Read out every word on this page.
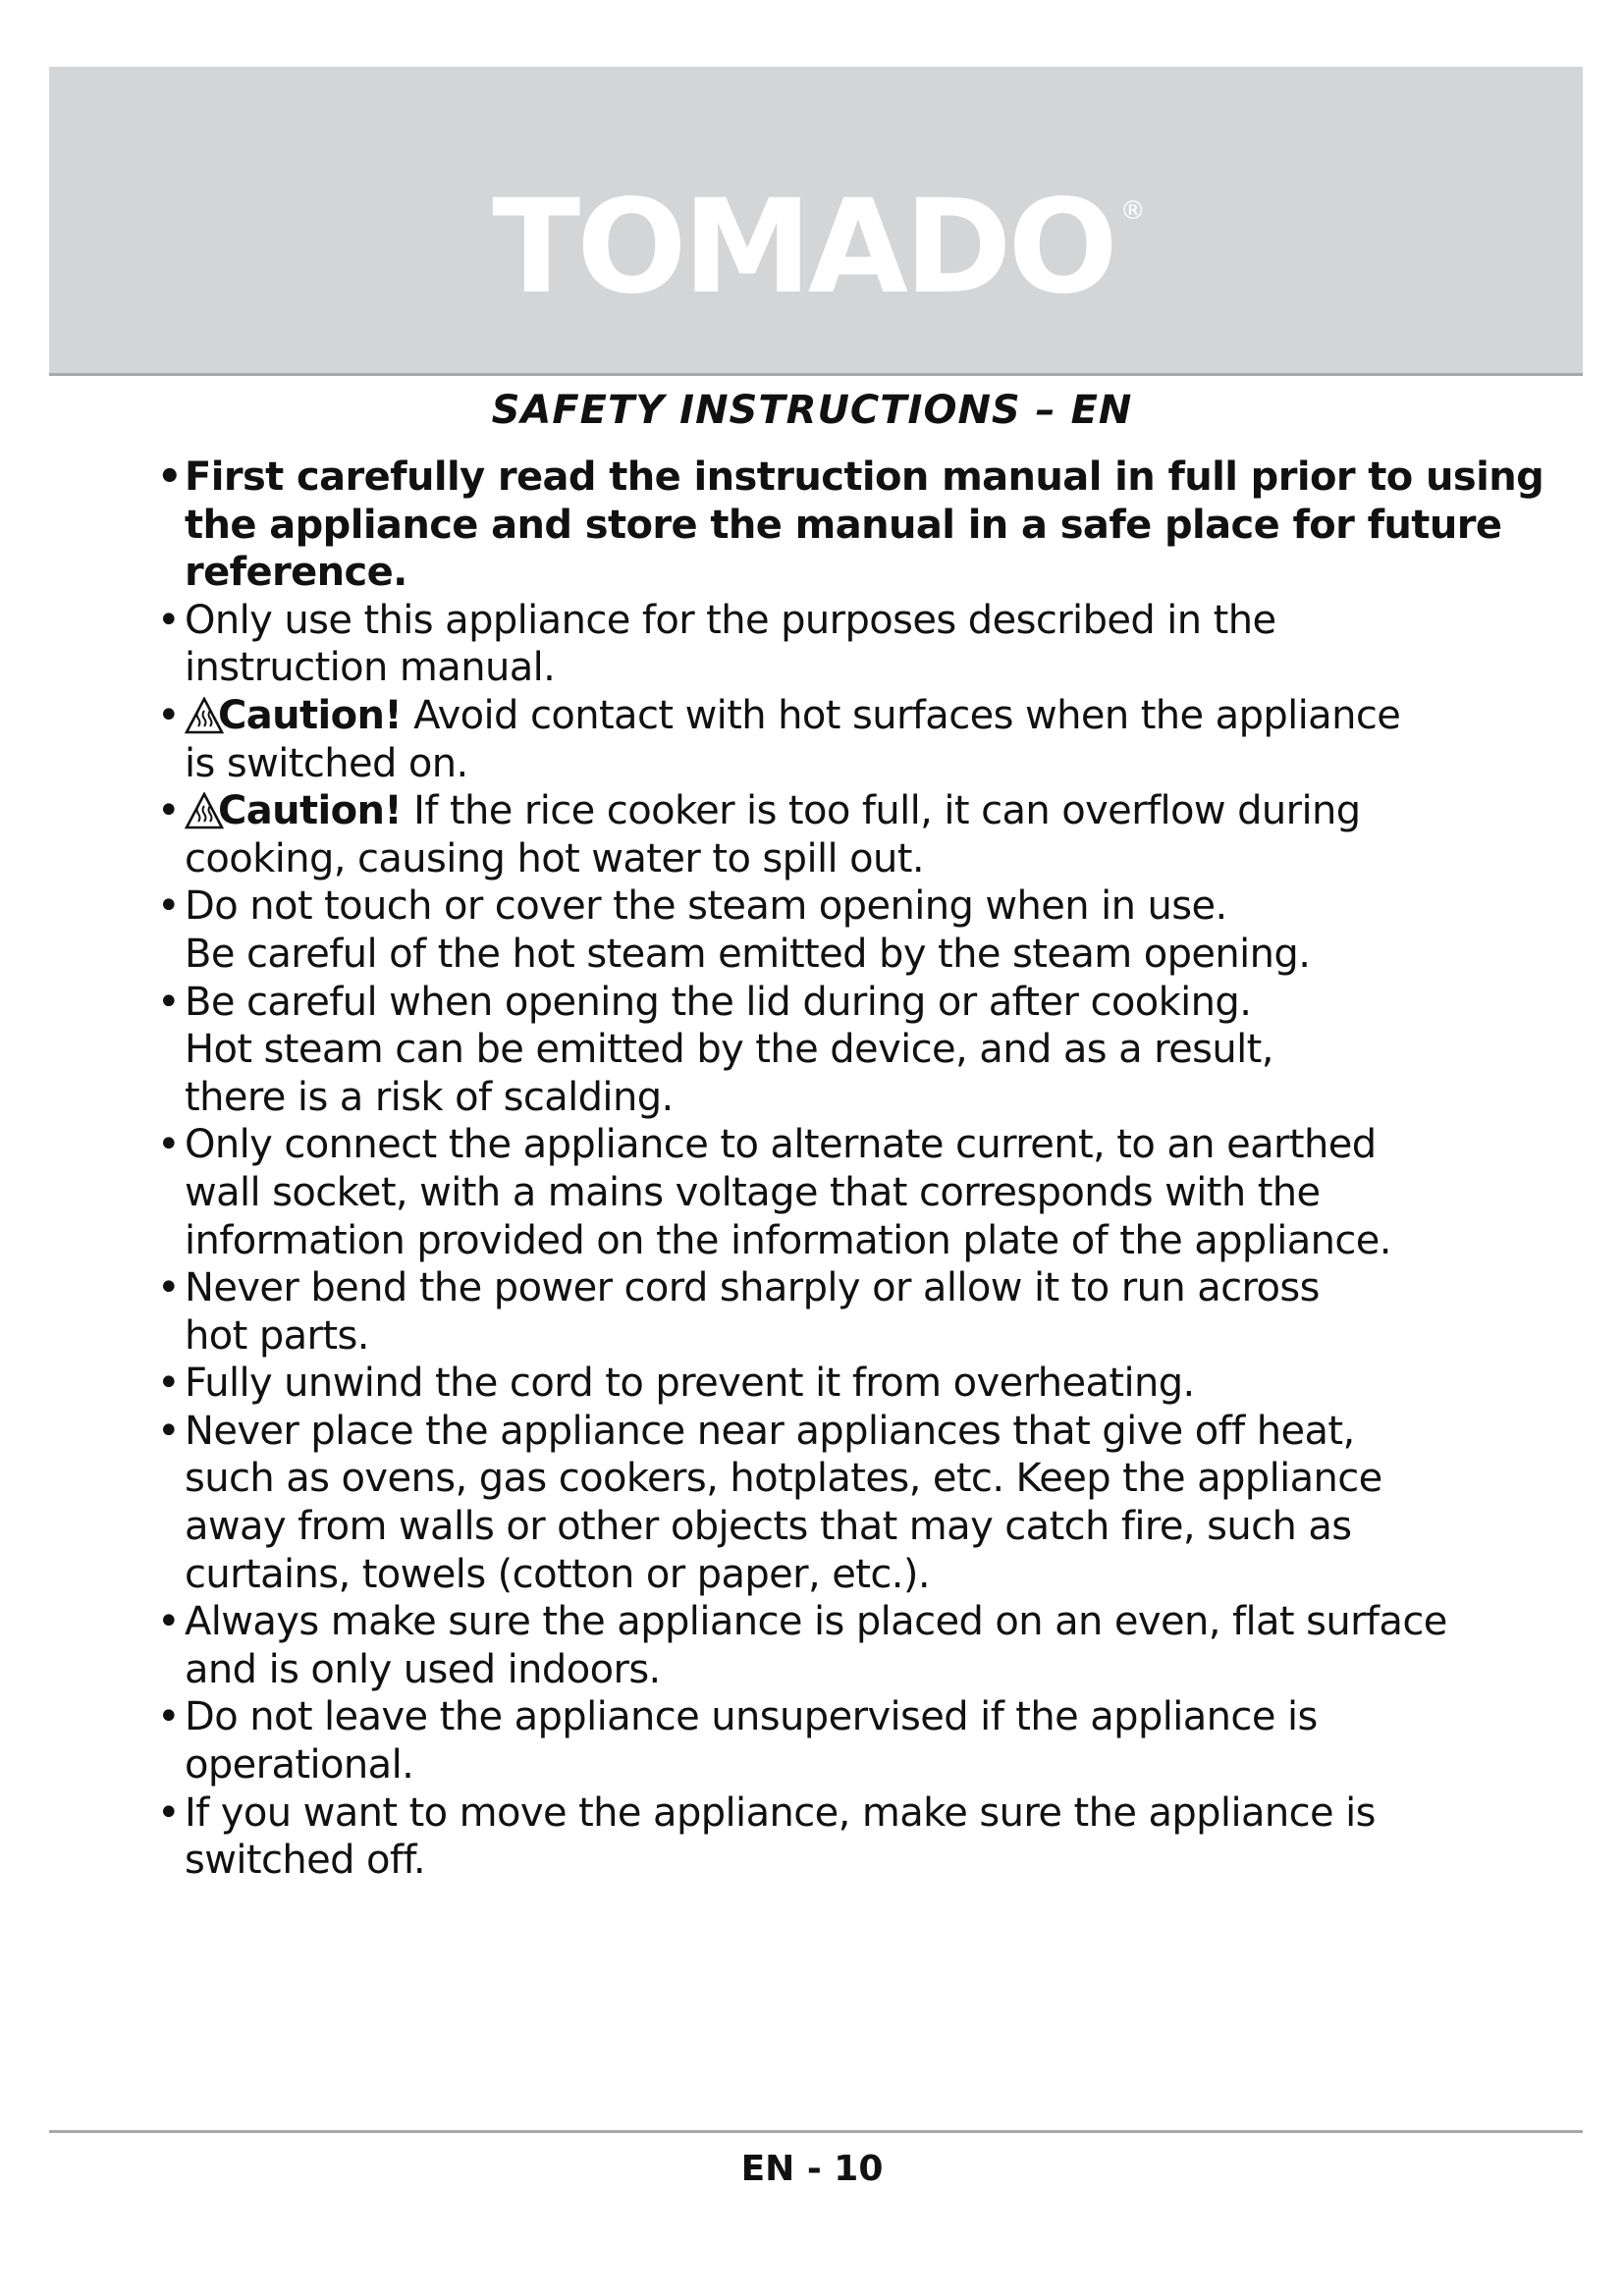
TOMADO ®
SAFETY INSTRUCTIONS – EN
• First carefully read the instruction manual in full prior to using
the appliance and store the manual in a safe place for future
reference.
• Only use this appliance for the purposes described in the
instruction manual.
• Caution! Avoid contact with hot surfaces when the appliance
is switched on.
• Caution! If the rice cooker is too full, it can overflow during
cooking, causing hot water to spill out.
• Do not touch or cover the steam opening when in use.
Be careful of the hot steam emitted by the steam opening.
• Be careful when opening the lid during or after cooking.
Hot steam can be emitted by the device, and as a result,
there is a risk of scalding.
• Only connect the appliance to alternate current, to an earthed
wall socket, with a mains voltage that corresponds with the
information provided on the information plate of the appliance.
• Never bend the power cord sharply or allow it to run across
hot parts.
• Fully unwind the cord to prevent it from overheating.
• Never place the appliance near appliances that give off heat,
such as ovens, gas cookers, hotplates, etc. Keep the appliance
away from walls or other objects that may catch fire, such as
curtains, towels (cotton or paper, etc.).
• Always make sure the appliance is placed on an even, flat surface
and is only used indoors.
• Do not leave the appliance unsupervised if the appliance is
operational.
• If you want to move the appliance, make sure the appliance is
switched off.
EN - 10
